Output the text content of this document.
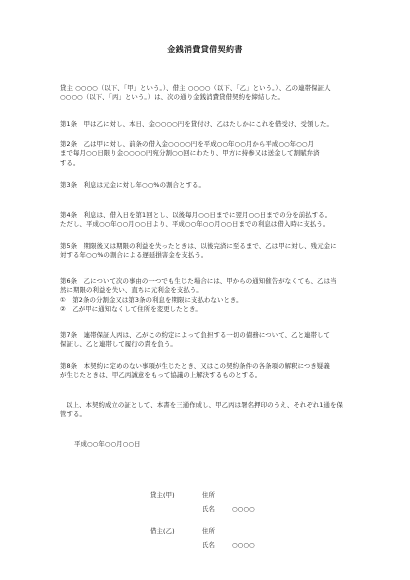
金銭消費貸借契約書

貸主 ○○○○（以下、「甲」という。）、借主 ○○○○（以下、「乙」という。）、乙の連帯保証人

○○○○（以下、「丙」という。）は、次の通り金銭消費貸借契約を締結した。

第1条　甲は乙に対し、本日、金○○○○円を貸付け、乙はたしかにこれを借受け、受領した。

第2条　乙は甲に対し、前条の借入金○○○○円を平成○○年○○月から平成○○年○○月

まで毎月○○日限り金○○○○円宛分割○○回にわたり、甲方に持参又は送金して割賦弁済

する。

第3条　利息は元金に対し年○○%の割合とする。

第4条　利息は、借入日を第1回とし、以後毎月○○日までに翌月○○日までの分を前払する。

ただし、平成○○年○○月○○日より、平成○○年○○月○○日までの利息は借入時に支払う。

第5条　期限後又は期限の利益を失ったときは、以後完済に至るまで、乙は甲に対し、残元金に

対する年○○%の割合による遅延損害金を支払う。

第6条　乙について次の事由の一つでも生じた場合には、甲からの通知催告がなくても、乙は当

然に期限の利益を失い、直ちに元利金を支払う。

①　第2条の分割金又は第3条の利息を期限に支払わないとき。

②　乙が甲に通知なくして住所を変更したとき。

第7条　連帯保証人丙は、乙がこの約定によって負担する一切の債務について、乙と連帯して

保証し、乙と連帯して履行の責を負う。

第8条　本契約に定めのない事項が生じたとき、又はこの契約条件の各条項の解釈につき疑義

が生じたときは、甲乙丙誠意をもって協議の上解決するものとする。

以上、本契約成立の証として、本書を三通作成し、甲乙丙は署名押印のうえ、それぞれ1通を保

管する。

平成○○年○○月○○日
貸主(甲)	住所
氏名	○○○○
借主(乙)	住所
氏名	○○○○
